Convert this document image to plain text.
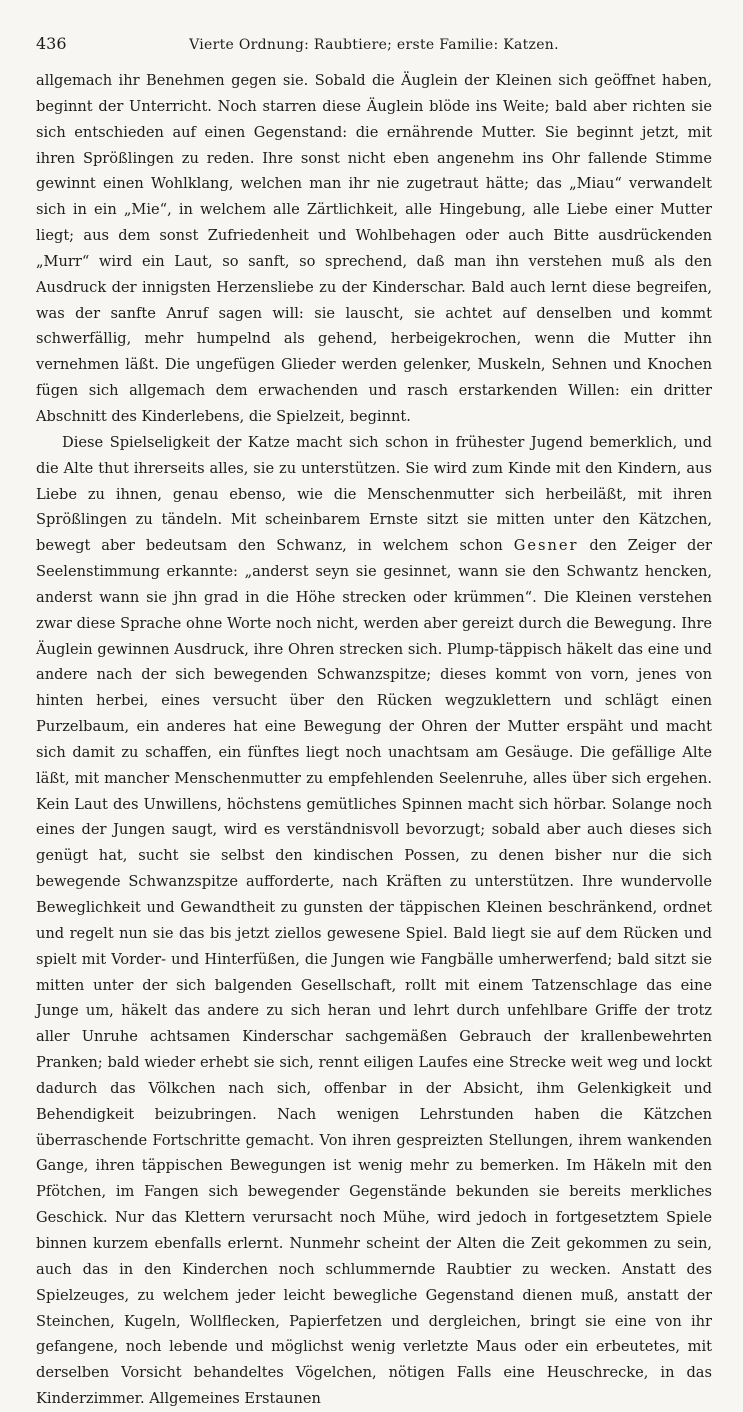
436	Vierte Ordnung: Raubtiere; erste Familie: Katzen.

allgemach ihr Benehmen gegen sie. Sobald die Äuglein der Kleinen sich geöffnet haben, beginnt der Unterricht. Noch starren diese Äuglein blöde ins Weite; bald aber richten sie sich entschieden auf einen Gegenstand: die ernährende Mutter. Sie beginnt jetzt, mit ihren Sprößlingen zu reden. Ihre sonst nicht eben angenehm ins Ohr fallende Stimme gewinnt einen Wohlklang, welchen man ihr nie zugetraut hätte; das „Miau“ verwandelt sich in ein „Mie“, in welchem alle Zärtlichkeit, alle Hingebung, alle Liebe einer Mutter liegt; aus dem sonst Zufriedenheit und Wohlbehagen oder auch Bitte ausdrückenden „Murr“ wird ein Laut, so sanft, so sprechend, daß man ihn verstehen muß als den Ausdruck der innigsten Herzensliebe zu der Kinderschar. Bald auch lernt diese begreifen, was der sanfte Anruf sagen will: sie lauscht, sie achtet auf denselben und kommt schwerfällig, mehr humpelnd als gehend, herbeigekrochen, wenn die Mutter ihn vernehmen läßt. Die ungefügen Glieder werden gelenker, Muskeln, Sehnen und Knochen fügen sich allgemach dem erwachenden und rasch erstarkenden Willen: ein dritter Abschnitt des Kinderlebens, die Spielzeit, beginnt.

Diese Spielseligkeit der Katze macht sich schon in frühester Jugend bemerklich, und die Alte thut ihrerseits alles, sie zu unterstützen. Sie wird zum Kinde mit den Kindern, aus Liebe zu ihnen, genau ebenso, wie die Menschenmutter sich herbeiläßt, mit ihren Sprößlingen zu tändeln. Mit scheinbarem Ernste sitzt sie mitten unter den Kätzchen, bewegt aber bedeutsam den Schwanz, in welchem schon Gesner den Zeiger der Seelenstimmung erkannte: „anderst seyn sie gesinnet, wann sie den Schwantz hencken, anderst wann sie jhn grad in die Höhe strecken oder krümmen“. Die Kleinen verstehen zwar diese Sprache ohne Worte noch nicht, werden aber gereizt durch die Bewegung. Ihre Äuglein gewinnen Ausdruck, ihre Ohren strecken sich. Plump-täppisch häkelt das eine und andere nach der sich bewegenden Schwanzspitze; dieses kommt von vorn, jenes von hinten herbei, eines versucht über den Rücken wegzuklettern und schlägt einen Purzelbaum, ein anderes hat eine Bewegung der Ohren der Mutter erspäht und macht sich damit zu schaffen, ein fünftes liegt noch unachtsam am Gesäuge. Die gefällige Alte läßt, mit mancher Menschenmutter zu empfehlenden Seelenruhe, alles über sich ergehen. Kein Laut des Unwillens, höchstens gemütliches Spinnen macht sich hörbar. Solange noch eines der Jungen saugt, wird es verständnisvoll bevorzugt; sobald aber auch dieses sich genügt hat, sucht sie selbst den kindischen Possen, zu denen bisher nur die sich bewegende Schwanzspitze aufforderte, nach Kräften zu unterstützen. Ihre wundervolle Beweglichkeit und Gewandtheit zu gunsten der täppischen Kleinen beschränkend, ordnet und regelt nun sie das bis jetzt ziellos gewesene Spiel. Bald liegt sie auf dem Rücken und spielt mit Vorder- und Hinterfüßen, die Jungen wie Fangbälle umherwerfend; bald sitzt sie mitten unter der sich balgenden Gesellschaft, rollt mit einem Tatzenschlage das eine Junge um, häkelt das andere zu sich heran und lehrt durch unfehlbare Griffe der trotz aller Unruhe achtsamen Kinderschar sachgemäßen Gebrauch der krallenbewehrten Pranken; bald wieder erhebt sie sich, rennt eiligen Laufes eine Strecke weit weg und lockt dadurch das Völkchen nach sich, offenbar in der Absicht, ihm Gelenkigkeit und Behendigkeit beizubringen. Nach wenigen Lehrstunden haben die Kätzchen überraschende Fortschritte gemacht. Von ihren gespreizten Stellungen, ihrem wankenden Gange, ihren täppischen Bewegungen ist wenig mehr zu bemerken. Im Häkeln mit den Pfötchen, im Fangen sich bewegender Gegenstände bekunden sie bereits merkliches Geschick. Nur das Klettern verursacht noch Mühe, wird jedoch in fortgesetztem Spiele binnen kurzem ebenfalls erlernt. Nunmehr scheint der Alten die Zeit gekommen zu sein, auch das in den Kinderchen noch schlummernde Raubtier zu wecken. Anstatt des Spielzeuges, zu welchem jeder leicht bewegliche Gegenstand dienen muß, anstatt der Steinchen, Kugeln, Wollflecken, Papierfetzen und dergleichen, bringt sie eine von ihr gefangene, noch lebende und möglichst wenig verletzte Maus oder ein erbeutetes, mit derselben Vorsicht behandeltes Vögelchen, nötigen Falls eine Heuschrecke, in das Kinderzimmer. Allgemeines Erstaunen
